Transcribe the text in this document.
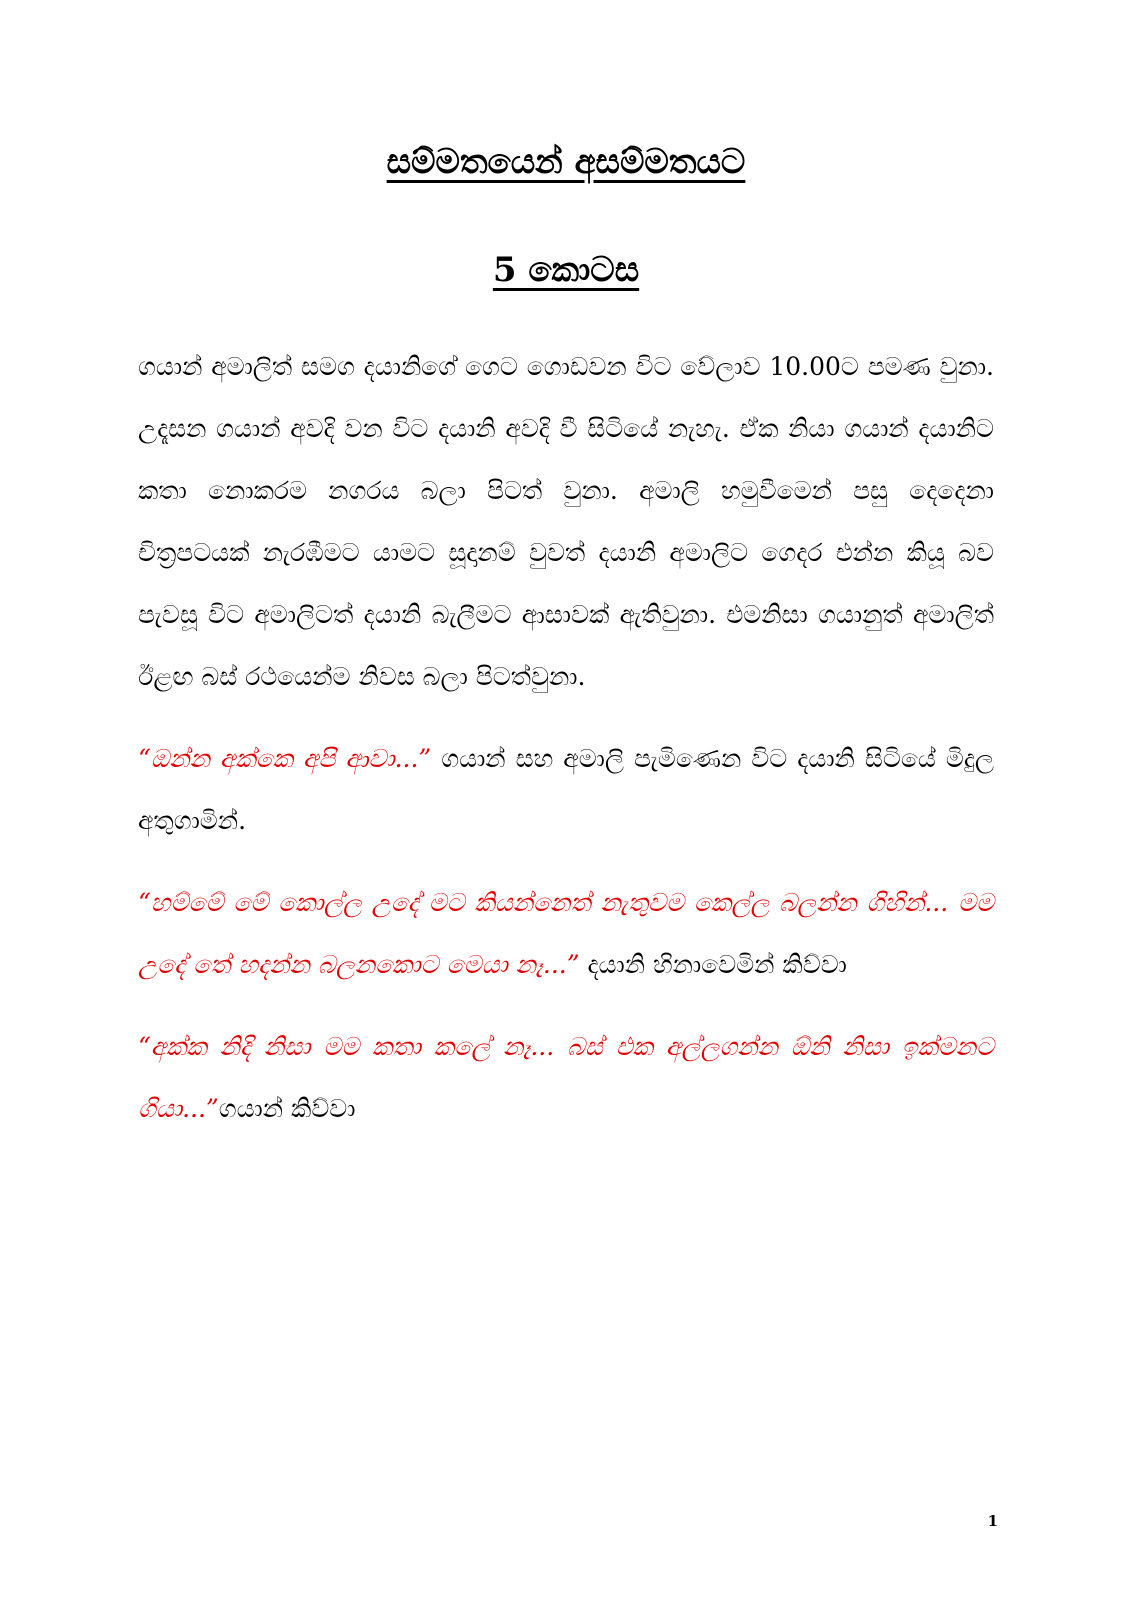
සම්මතයෙන් අසම්මතයට
5 කොටස

ගයාන් අමාලිත් සමග දයානිගේ ගෙට ගොඩවන විට වේලාව 10.00ට පමණ වුනා. උදෑසන ගයාන් අවදි වන විට දයානි අවදි වී සිටියේ නැහැ. ඒක නියා ගයාන් දයානිට කතා නොකරම නගරය බලා පිටත් වුනා. අමාලි හමුවීමෙන් පසු දෙදෙනා චිත්‍රපටයක් නැරඹීමට යාමට සූදානම් වුවත් දයානි අමාලිට ගෙදර එන්න කියූ බව පැවසූ විට අමාලිටත් දයානි බැලීමට ආසාවක් ඇතිවුනා. එමනිසා ගයානුත් අමාලිත් ඊළඟ බස් රථයෙන්ම නිවස බලා පිටත්වුනා.

“ඔන්න අක්කෙ අපි ආවා...” ගයාන් සහ අමාලි පැමිණෙන විට දයානි සිටියේ මිදුල අතුගාමින්.

“හම්මේ මේ කොල්ල උදේ මට කියන්නෙත් නැතුවම කෙල්ල බලන්න ගිහින්... මම උදේ තේ හදන්න බලනකොට මෙයා නෑ...” දයානි හිනාවෙමින් කිව්වා

“අක්ක නිදි නිසා මම කතා කලේ නෑ... බස් එක අල්ලගන්න ඕනි නිසා ඉක්මනට ගියා...”ගයාන් කිව්වා

1
